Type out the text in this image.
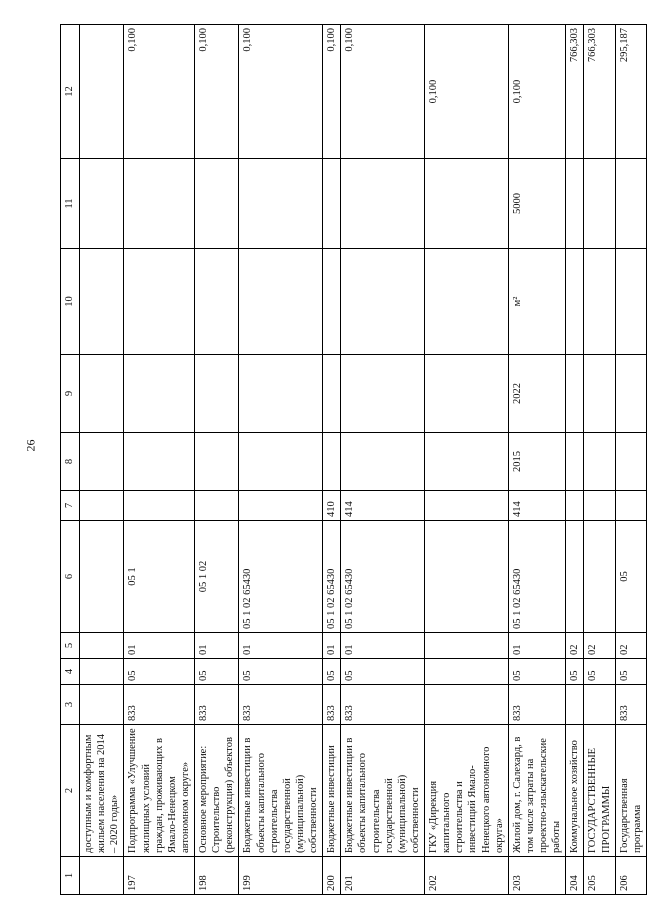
26
1	2	3	4	5	6	7	8	9	10	11	12
	доступным и комфортным жильем населения на 2014 – 2020 годы»										
197	Подпрограмма «Улучшение жилищных условий граждан, проживающих в Ямало-Ненецком автономном округе»	833	05	01	05 1						0,100
198	Основное мероприятие: Строительство (реконструкция) объектов	833	05	01	05 1 02						0,100
199	Бюджетные инвестиции в объекты капитального строительства государственной (муниципальной) собственности	833	05	01	05 1 02 65430						0,100
200	Бюджетные инвестиции	833	05	01	05 1 02 65430	410					0,100
201	Бюджетные инвестиции в объекты капитального строительства государственной (муниципальной) собственности	833	05	01	05 1 02 65430	414					0,100
202	ГКУ «Дирекция капитального строительства и инвестиций Ямало-Ненецкого автономного округа»										0,100
203	Жилой дом, г. Салехард, в том числе затраты на проектно-изыскательские работы	833	05	01	05 1 02 65430	414	2015	2022	м²	5000	0,100
204	Коммунальное хозяйство		05	02							766,303
205	ГОСУДАРСТВЕННЫЕ ПРОГРАММЫ		05	02							766,303
206	Государственная программа	833	05	02	05						295,187
